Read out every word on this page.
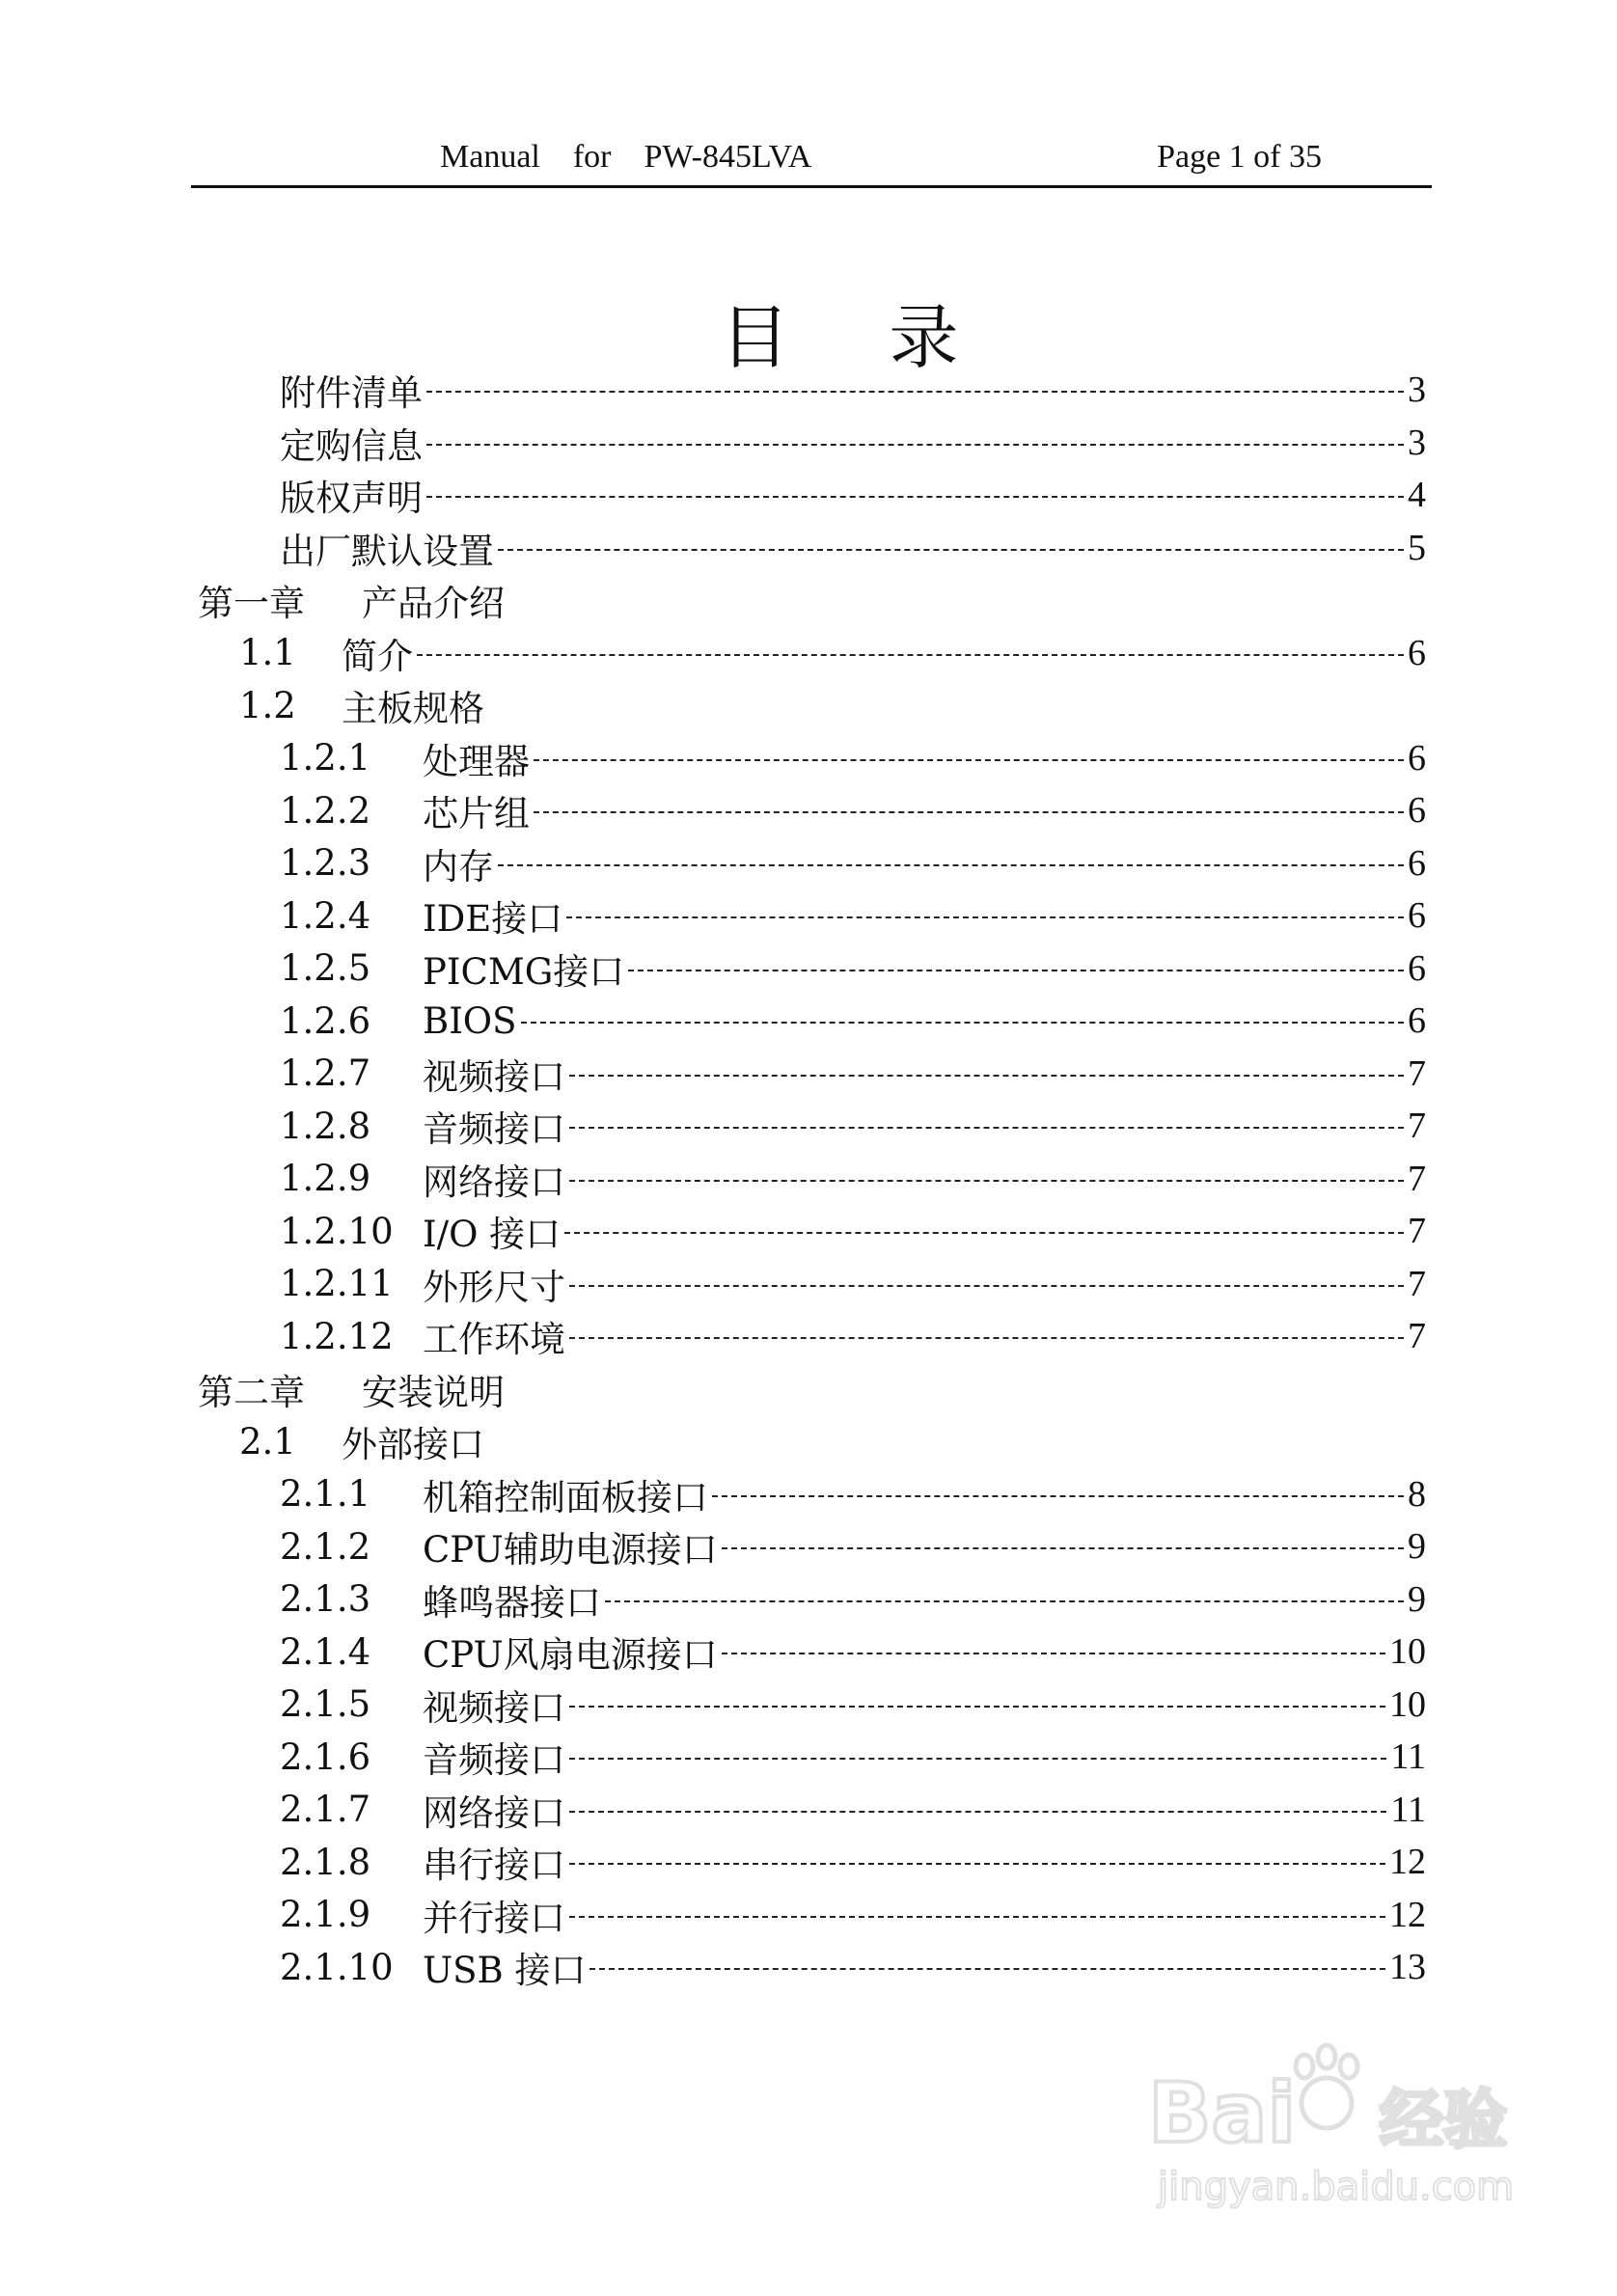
Manual    for    PW-845LVA	Page 1 of 35
目 录
附件清单	3
定购信息	3
版权声明	4
出厂默认设置	5
第一章	产品介绍
1.1	简介	6
1.2	主板规格
1.2.1	处理器	6
1.2.2	芯片组	6
1.2.3	内存	6
1.2.4	IDE接口	6
1.2.5	PICMG接口	6
1.2.6	BIOS	6
1.2.7	视频接口	7
1.2.8	音频接口	7
1.2.9	网络接口	7
1.2.10 I/O 接口	7
1.2.11 外形尺寸	7
1.2.12 工作环境	7
第二章	安装说明
2.1	外部接口
2.1.1	机箱控制面板接口	8
2.1.2	CPU辅助电源接口	9
2.1.3	蜂鸣器接口	9
2.1.4	CPU风扇电源接口	10
2.1.5	视频接口	10
2.1.6	音频接口	11
2.1.7	网络接口	11
2.1.8	串行接口	12
2.1.9	并行接口	12
2.1.10 USB 接口	13
Bai 经验
jingyan.baidu.com
